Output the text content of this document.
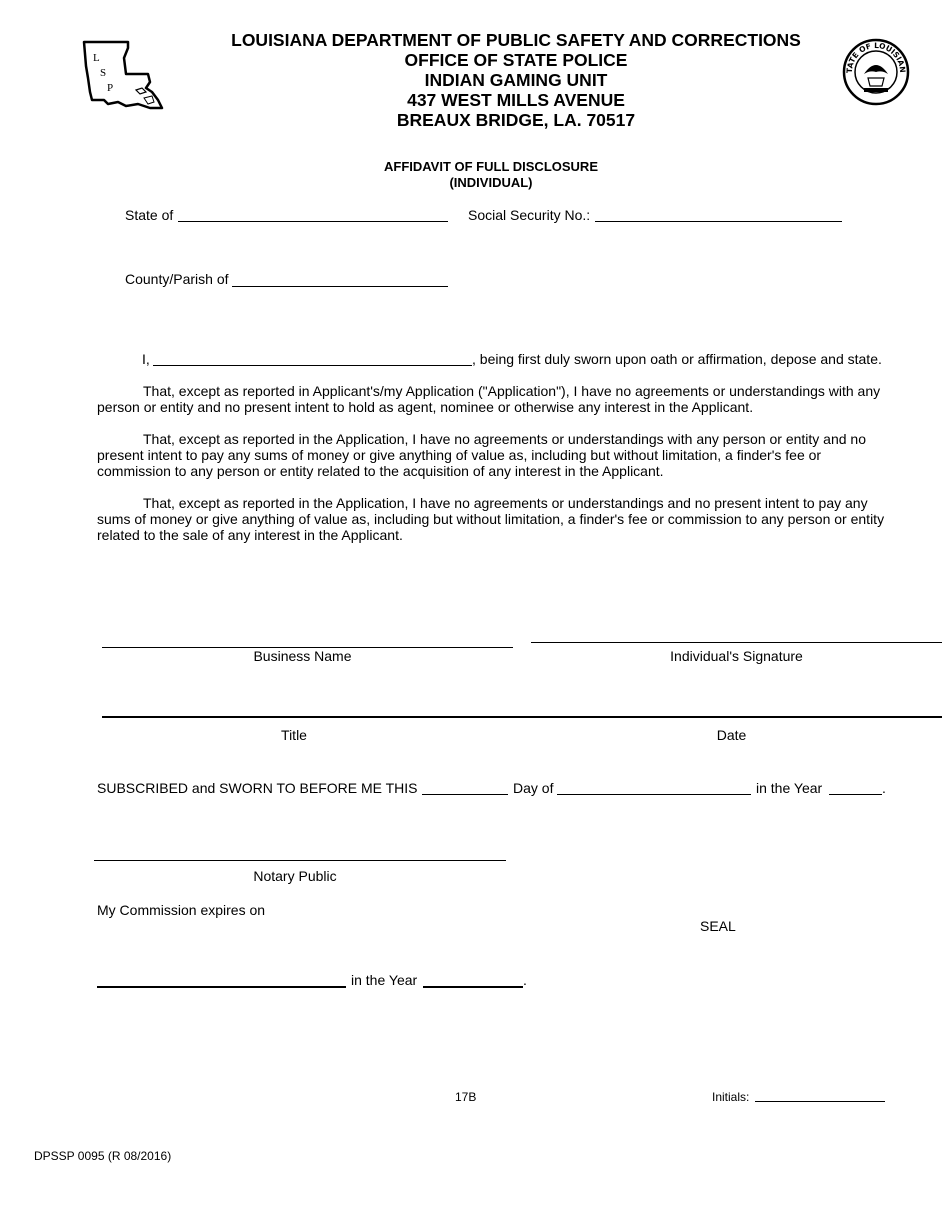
L
S
P
TATE OF LOUISIAN
LOUISIANA DEPARTMENT OF PUBLIC SAFETY AND CORRECTIONS
OFFICE OF STATE POLICE
INDIAN GAMING UNIT
437 WEST MILLS AVENUE
BREAUX BRIDGE, LA. 70517
AFFIDAVIT OF FULL DISCLOSURE
(INDIVIDUAL)
State of	Social Security No.:
County/Parish of
I,	, being first duly sworn upon oath or affirmation, depose and state.
That, except as reported in Applicant's/my Application ("Application"), I have no agreements or understandings with any person or entity and no present intent to hold as agent, nominee or otherwise any interest in the Applicant.
That, except as reported in the Application, I have no agreements or understandings with any person or entity and no present intent to pay any sums of money or give anything of value as, including but without limitation, a finder's fee or commission to any person or entity related to the acquisition of any interest in the Applicant.
That, except as reported in the Application, I have no agreements or understandings and no present intent to pay any sums of money or give anything of value as, including but without limitation, a finder's fee or commission to any person or entity related to the sale of any interest in the Applicant.
Business Name	Individual's Signature
Title	Date
SUBSCRIBED and SWORN TO BEFORE ME THIS	Day of	in the Year	.
Notary Public
My Commission expires on
SEAL
in the Year	.
17B	Initials:
DPSSP 0095 (R 08/2016)
